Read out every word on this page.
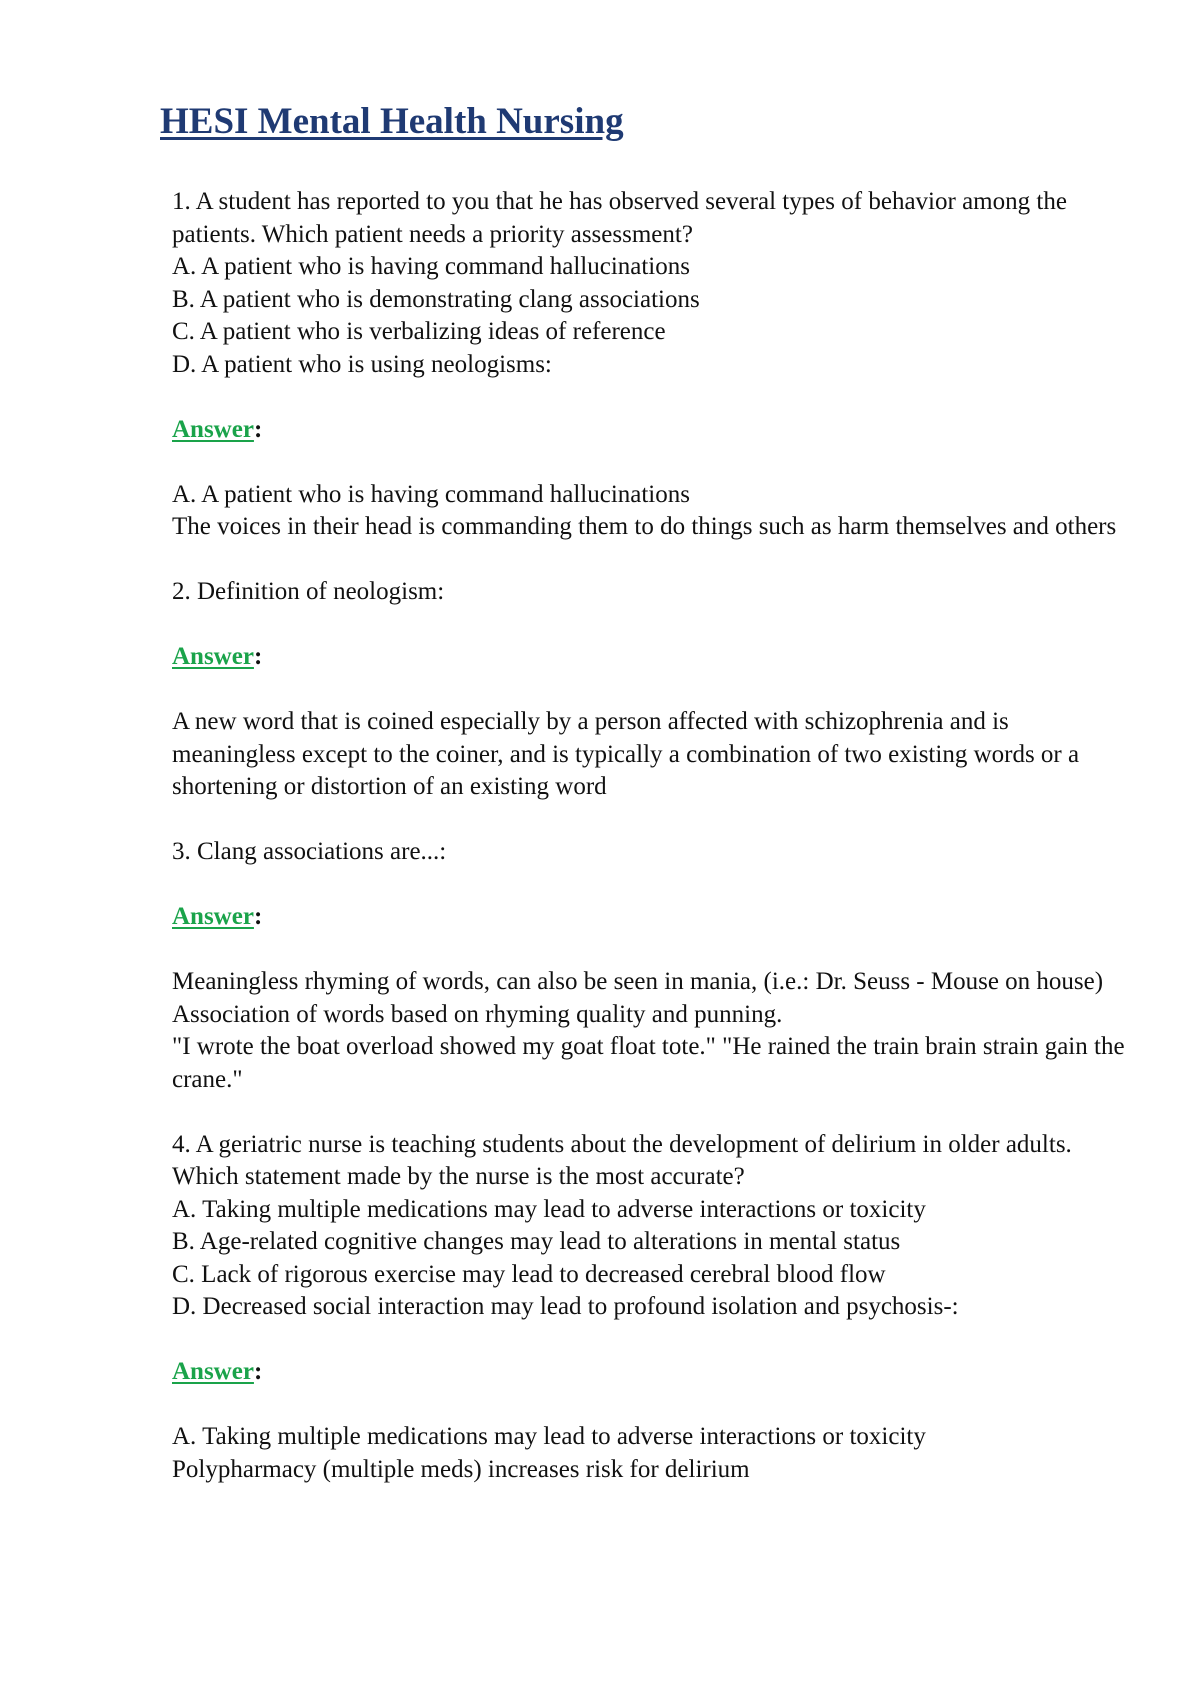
HESI Mental Health Nursing

1. A student has reported to you that he has observed several types of behavior among the patients. Which patient needs a priority assessment?

A. A patient who is having command hallucinations

B. A patient who is demonstrating clang associations

C. A patient who is verbalizing ideas of reference

D. A patient who is using neologisms:

Answer:

A. A patient who is having command hallucinations

The voices in their head is commanding them to do things such as harm themselves and others

2. Definition of neologism:

Answer:

A new word that is coined especially by a person affected with schizophrenia and is meaningless except to the coiner, and is typically a combination of two existing words or a shortening or distortion of an existing word

3. Clang associations are...:

Answer:

Meaningless rhyming of words, can also be seen in mania, (i.e.: Dr. Seuss - Mouse on house)

Association of words based on rhyming quality and punning.

"I wrote the boat overload showed my goat float tote." "He rained the train brain strain gain the crane."

4. A geriatric nurse is teaching students about the development of delirium in older adults. Which statement made by the nurse is the most accurate?

A. Taking multiple medications may lead to adverse interactions or toxicity

B. Age-related cognitive changes may lead to alterations in mental status

C. Lack of rigorous exercise may lead to decreased cerebral blood flow

D. Decreased social interaction may lead to profound isolation and psychosis-:

Answer:

A. Taking multiple medications may lead to adverse interactions or toxicity

Polypharmacy (multiple meds) increases risk for delirium
